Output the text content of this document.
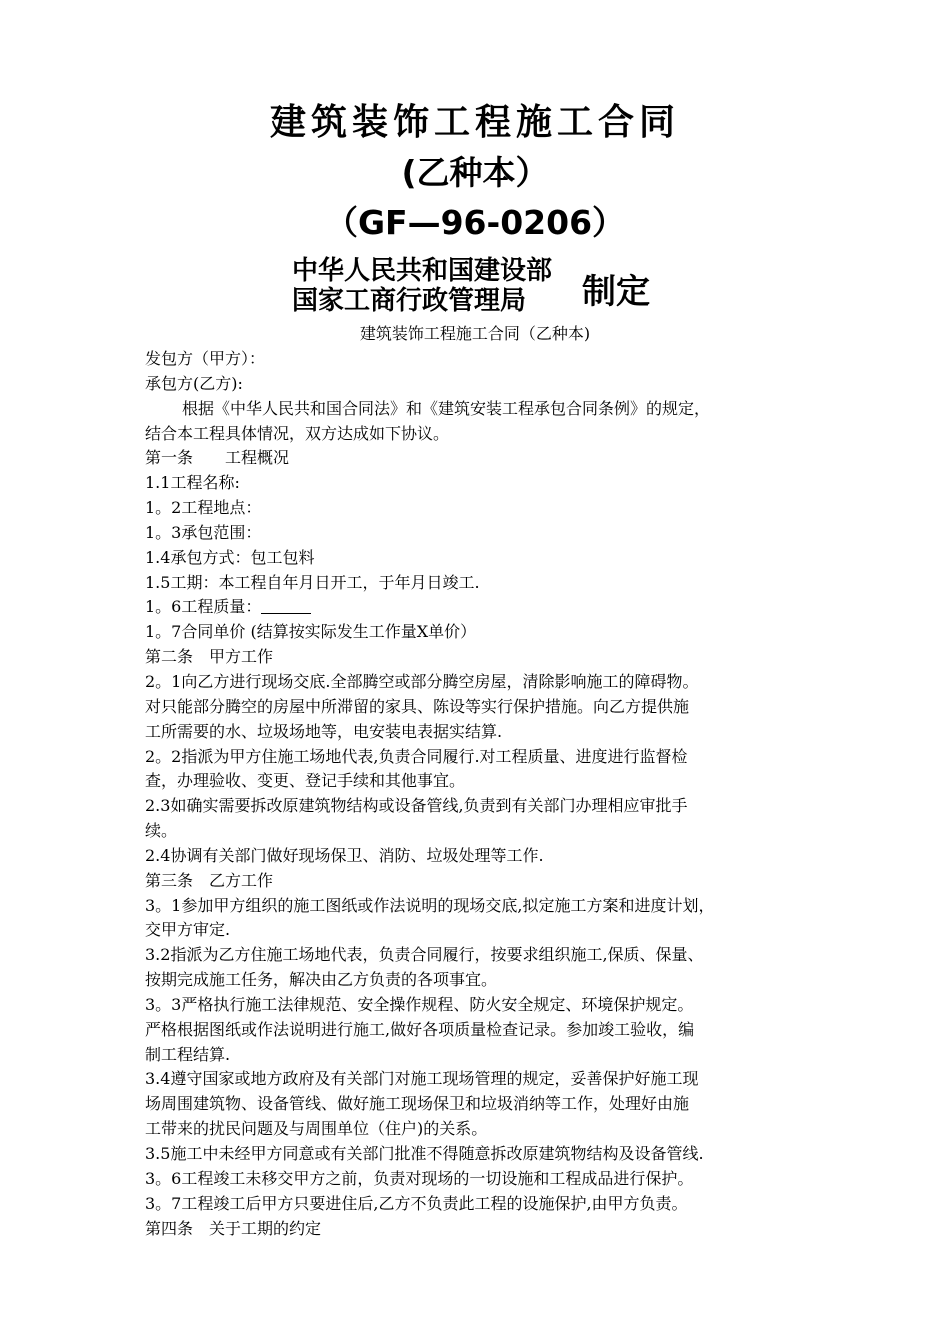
建筑装饰工程施工合同
(乙种本）
（GF—96-0206）
中华人民共和国建设部
国家工商行政管理局 制定
建筑装饰工程施工合同（乙种本)
发包方（甲方）：
承包方(乙方):
根据《中华人民共和国合同法》和《建筑安装工程承包合同条例》的规定，
结合本工程具体情况，双方达成如下协议。
第一条　　工程概况
1.1工程名称:
1。2工程地点：
1。3承包范围：
1.4承包方式：包工包料
1.5工期：本工程自年月日开工，于年月日竣工.
1。6工程质量：
1。7合同单价 (结算按实际发生工作量X单价）
第二条　甲方工作
2。1向乙方进行现场交底.全部腾空或部分腾空房屋，清除影响施工的障碍物。
对只能部分腾空的房屋中所滞留的家具、陈设等实行保护措施。向乙方提供施
工所需要的水、垃圾场地等，电安装电表据实结算.
2。2指派为甲方住施工场地代表,负责合同履行.对工程质量、进度进行监督检
查，办理验收、变更、登记手续和其他事宜。
2.3如确实需要拆改原建筑物结构或设备管线,负责到有关部门办理相应审批手
续。
2.4协调有关部门做好现场保卫、消防、垃圾处理等工作.
第三条　乙方工作
3。1参加甲方组织的施工图纸或作法说明的现场交底,拟定施工方案和进度计划，
交甲方审定.
3.2指派为乙方住施工场地代表，负责合同履行，按要求组织施工,保质、保量、
按期完成施工任务，解决由乙方负责的各项事宜。
3。3严格执行施工法律规范、安全操作规程、防火安全规定、环境保护规定。
严格根据图纸或作法说明进行施工,做好各项质量检查记录。参加竣工验收，编
制工程结算.
3.4遵守国家或地方政府及有关部门对施工现场管理的规定，妥善保护好施工现
场周围建筑物、设备管线、做好施工现场保卫和垃圾消纳等工作，处理好由施
工带来的扰民问题及与周围单位（住户)的关系。
3.5施工中未经甲方同意或有关部门批准不得随意拆改原建筑物结构及设备管线.
3。6工程竣工未移交甲方之前，负责对现场的一切设施和工程成品进行保护。
3。7工程竣工后甲方只要进住后,乙方不负责此工程的设施保护,由甲方负责。
第四条　关于工期的约定
